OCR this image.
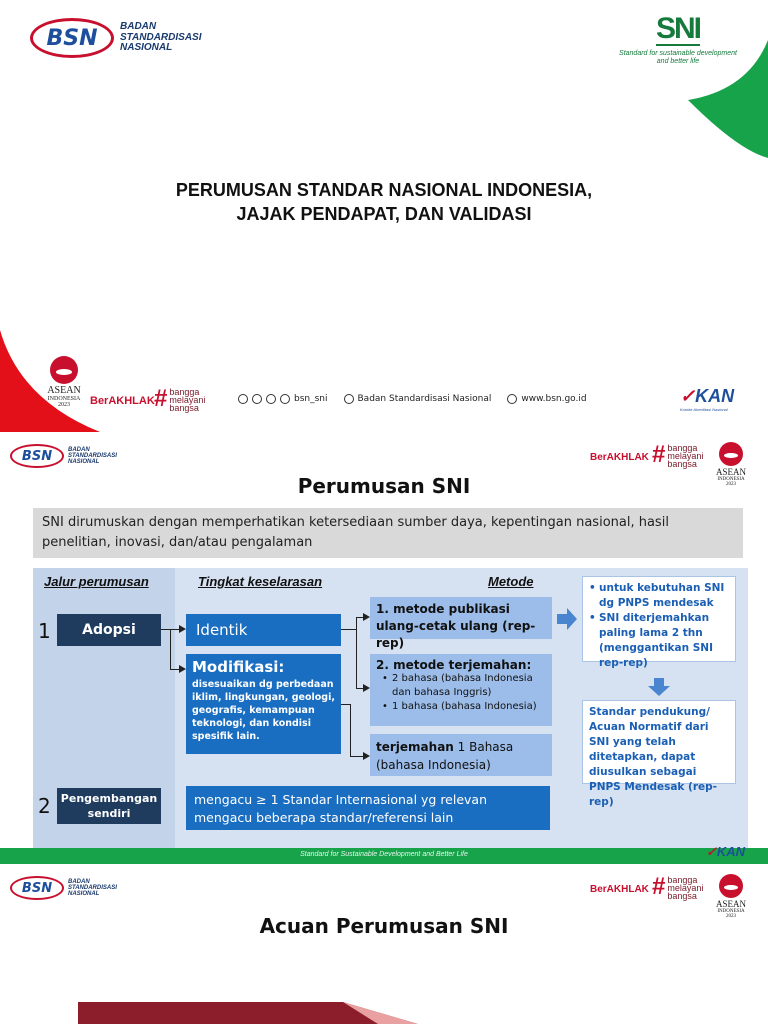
BSN BADAN
STANDARDISASI
NASIONAL
SNI
Standard for sustainable development
and better life
PERUMUSAN STANDAR NASIONAL INDONESIA,
JAJAK PENDAPAT, DAN VALIDASI
ASEAN
INDONESIA
2023	BerAKHLAK # bangga
melayani
bangsa
bsn_sni	Badan Standardisasi Nasional	www.bsn.go.id	✓KAN
Komite Akreditasi Nasional
BSN	BADAN
STANDARDISASI
NASIONAL	BerAKHLAK # bangga
melayani
bangsa
ASEAN
INDONESIA
2023
Perumusan SNI
SNI dirumuskan dengan memperhatikan ketersediaan sumber daya, kepentingan nasional, hasil penelitian, inovasi, dan/atau pengalaman
Jalur perumusan	Tingkat keselarasan	Metode
1
2
Adopsi	Identik
Modifikasi:
disesuaikan dg perbedaan iklim, lingkungan, geologi, geografis, kemampuan teknologi, dan kondisi spesifik lain.
1. metode publikasi ulang-cetak ulang (rep-rep)
2. metode terjemahan:
• 2 bahasa (bahasa Indonesia dan bahasa Inggris)
• 1 bahasa (bahasa Indonesia)
terjemahan 1 Bahasa (bahasa Indonesia)
• untuk kebutuhan SNI dg PNPS mendesak
• SNI diterjemahkan paling lama 2 thn (menggantikan SNI rep-rep)
Standar pendukung/ Acuan Normatif dari SNI yang telah ditetapkan, dapat diusulkan sebagai PNPS Mendesak (rep-rep)
Pengembangan sendiri
mengacu ≥ 1 Standar Internasional yg relevan
mengacu beberapa standar/referensi lain
Standard for Sustainable Development and Better Life	✓KAN
BSN	BADAN
STANDARDISASI
NASIONAL	BerAKHLAK # bangga
melayani
bangsa
ASEAN
INDONESIA
2023
Acuan Perumusan SNI
